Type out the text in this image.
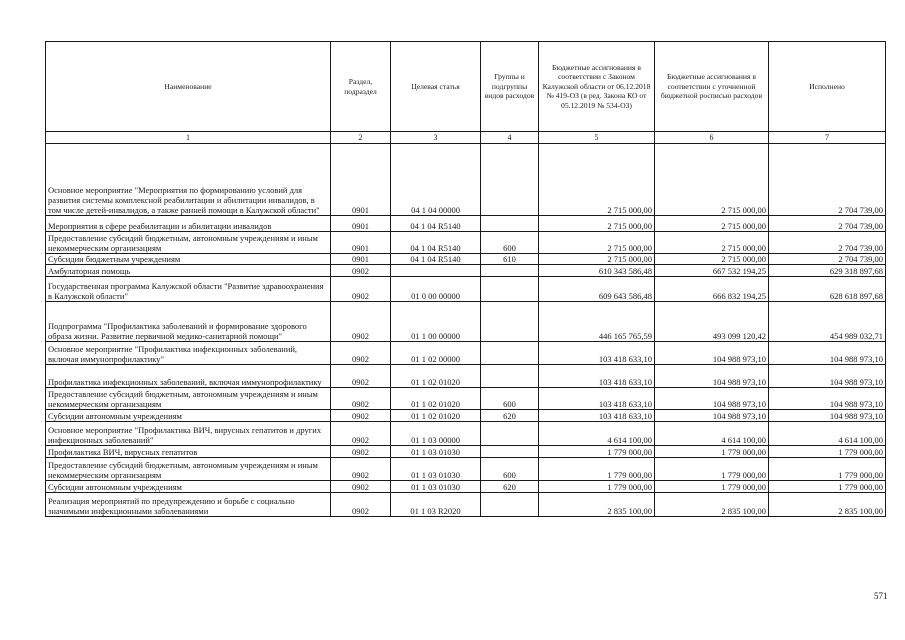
Наименование	Раздел, подраздел	Целевая статья	Группы и подгруппы видов расходов	Бюджетные ассигнования в соответствии с Законом Калужской области от 06.12.2018 № 419-ОЗ (в ред. Закона КО от 05.12.2019 № 534-ОЗ)	Бюджетные ассигнования в соответствии с уточненной бюджетной росписью расходов	Исполнено
1	2	3	4	5	6	7
Основное мероприятие "Мероприятия по формированию условий для развития системы комплексной реабилитации и абилитации инвалидов, в том числе детей-инвалидов, а также ранней помощи в Калужской области"	0901	04 1 04 00000		2 715 000,00	2 715 000,00	2 704 739,00
Мероприятия в сфере реабилитации и абилитации инвалидов	0901	04 1 04 R5140		2 715 000,00	2 715 000,00	2 704 739,00
Предоставление субсидий бюджетным, автономным учреждениям и иным некоммерческим организациям	0901	04 1 04 R5140	600	2 715 000,00	2 715 000,00	2 704 739,00
Субсидии бюджетным учреждениям	0901	04 1 04 R5140	610	2 715 000,00	2 715 000,00	2 704 739,00
Амбулаторная помощь	0902			610 343 586,48	667 532 194,25	629 318 897,68
Государственная программа Калужской области "Развитие здравоохранения в Калужской области"	0902	01 0 00 00000		609 643 586,48	666 832 194,25	628 618 897,68
Подпрограмма "Профилактика заболеваний и формирование здорового образа жизни. Развитие первичной медико-санитарной помощи"	0902	01 1 00 00000		446 165 765,59	493 099 120,42	454 989 032,71
Основное мероприятие "Профилактика инфекционных заболеваний, включая иммунопрофилактику"	0902	01 1 02 00000		103 418 633,10	104 988 973,10	104 988 973,10
Профилактика инфекционных заболеваний, включая иммунопрофилактику	0902	01 1 02 01020		103 418 633,10	104 988 973,10	104 988 973,10
Предоставление субсидий бюджетным, автономным учреждениям и иным некоммерческим организациям	0902	01 1 02 01020	600	103 418 633,10	104 988 973,10	104 988 973,10
Субсидии автономным учреждениям	0902	01 1 02 01020	620	103 418 633,10	104 988 973,10	104 988 973,10
Основное мероприятие "Профилактика ВИЧ, вирусных гепатитов и других инфекционных заболеваний"	0902	01 1 03 00000		4 614 100,00	4 614 100,00	4 614 100,00
Профилактика ВИЧ, вирусных гепатитов	0902	01 1 03 01030		1 779 000,00	1 779 000,00	1 779 000,00
Предоставление субсидий бюджетным, автономным учреждениям и иным некоммерческим организациям	0902	01 1 03 01030	600	1 779 000,00	1 779 000,00	1 779 000,00
Субсидии автономным учреждениям	0902	01 1 03 01030	620	1 779 000,00	1 779 000,00	1 779 000,00
Реализация мероприятий по предупреждению и борьбе с социально значимыми инфекционными заболеваниями	0902	01 1 03 R2020		2 835 100,00	2 835 100,00	2 835 100,00
571
